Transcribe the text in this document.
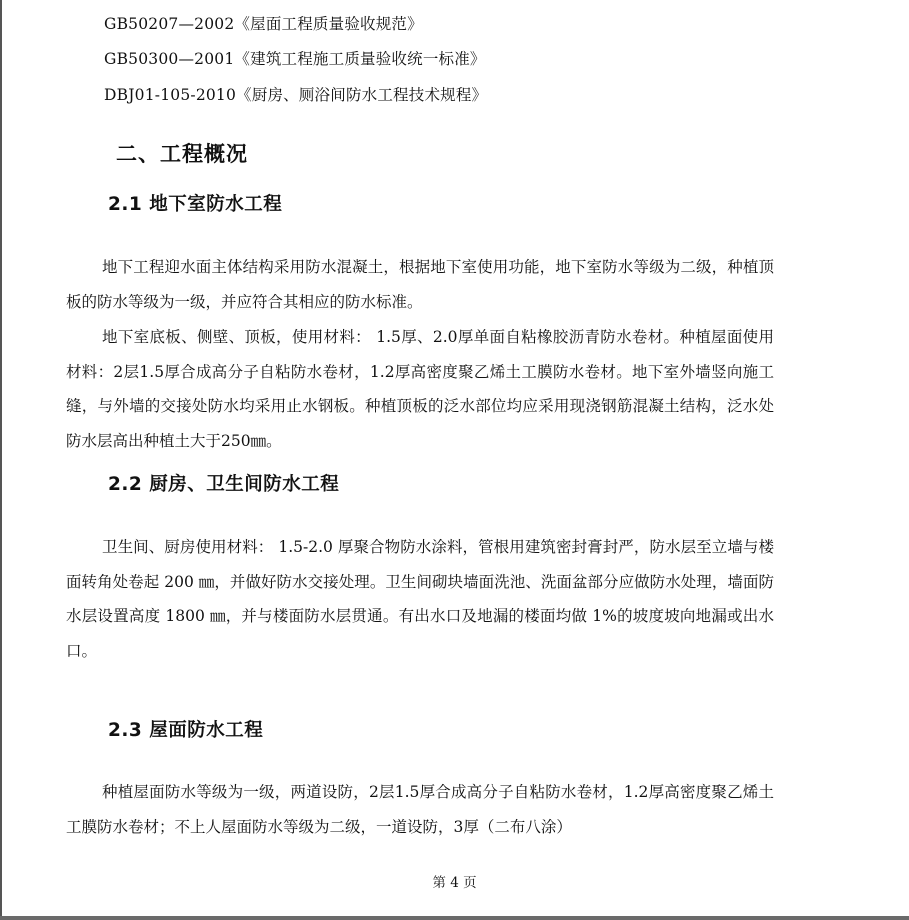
GB50207—2002《屋面工程质量验收规范》
GB50300—2001《建筑工程施工质量验收统一标准》
DBJ01-105-2010《厨房、厕浴间防水工程技术规程》
二、工程概况
2.1 地下室防水工程

地下工程迎水面主体结构采用防水混凝土，根据地下室使用功能，地下室防水等级为二级，种植顶板的防水等级为一级，并应符合其相应的防水标准。

地下室底板、侧壁、顶板，使用材料： 1.5厚、2.0厚单面自粘橡胶沥青防水卷材。种植屋面使用材料：2层1.5厚合成高分子自粘防水卷材，1.2厚高密度聚乙烯土工膜防水卷材。地下室外墙竖向施工缝，与外墙的交接处防水均采用止水钢板。种植顶板的泛水部位均应采用现浇钢筋混凝土结构，泛水处防水层高出种植土大于250㎜。

2.2 厨房、卫生间防水工程

卫生间、厨房使用材料： 1.5-2.0 厚聚合物防水涂料，管根用建筑密封膏封严，防水层至立墙与楼面转角处卷起 200 ㎜，并做好防水交接处理。卫生间砌块墙面洗池、洗面盆部分应做防水处理，墙面防水层设置高度 1800 ㎜，并与楼面防水层贯通。有出水口及地漏的楼面均做 1%的坡度坡向地漏或出水口。

2.3 屋面防水工程

种植屋面防水等级为一级，两道设防，2层1.5厚合成高分子自粘防水卷材，1.2厚高密度聚乙烯土工膜防水卷材；不上人屋面防水等级为二级，一道设防，3厚（二布八涂）

第 4 页
